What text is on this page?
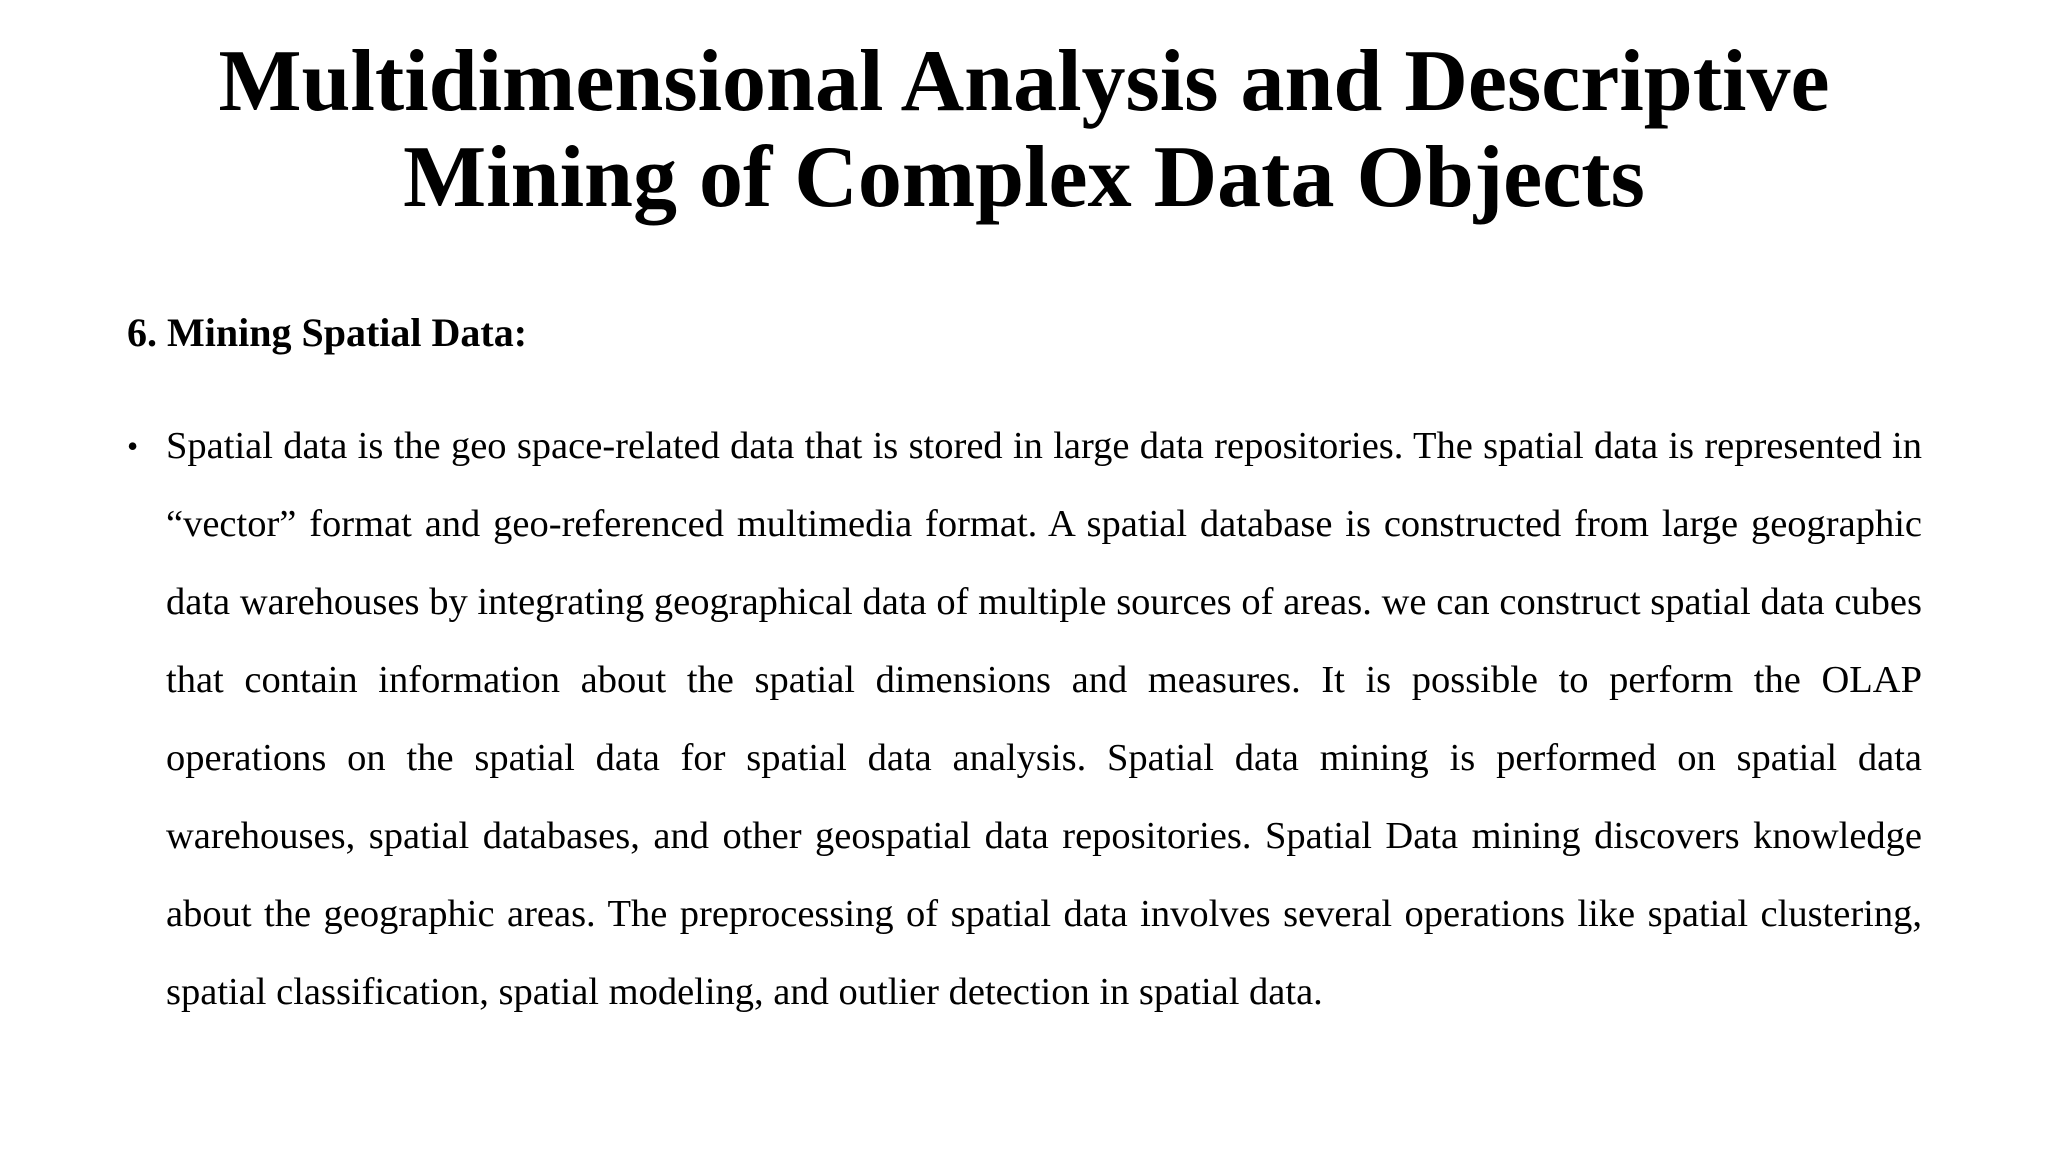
Multidimensional Analysis and Descriptive
Mining of Complex Data Objects
6. Mining Spatial Data:
• Spatial data is the geo space-related data that is stored in large data repositories. The spatial data is represented in “vector” format and geo-referenced multimedia format. A spatial database is constructed from large geographic data warehouses by integrating geographical data of multiple sources of areas. we can construct spatial data cubes that contain information about the spatial dimensions and measures. It is possible to perform the OLAP operations on the spatial data for spatial data analysis. Spatial data mining is performed on spatial data warehouses, spatial databases, and other geospatial data repositories. Spatial Data mining discovers knowledge about the geographic areas. The preprocessing of spatial data involves several operations like spatial clustering, spatial classification, spatial modeling, and outlier detection in spatial data.
